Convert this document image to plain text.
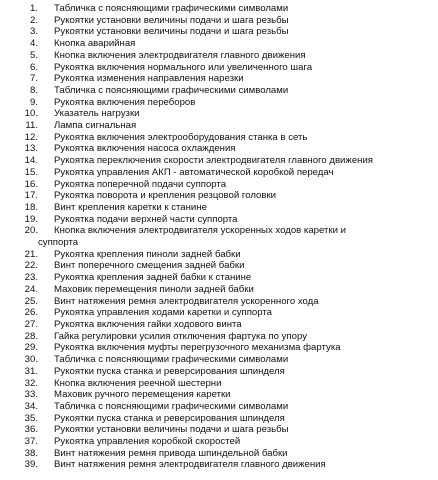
1.	Табличка с поясняющими графическими символами
2.	Рукоятки установки величины подачи и шага резьбы
3.	Рукоятки установки величины подачи и шага резьбы
4.	Кнопка аварийная
5.	Кнопка включения электродвигателя главного движения
6.	Рукоятка включения нормального или увеличенного шага
7.	Рукоятка изменения направления нарезки
8.	Табличка с поясняющими графическими символами
9.	Рукоятка включения переборов
10.	Указатель нагрузки
11.	Лампа сигнальная
12.	Рукоятка включения электрооборудования станка в сеть
13.	Рукоятка включения насоса охлаждения
14.	Рукоятка переключения скорости электродвигателя главного движения
15.	Рукоятка управления АКП - автоматической коробкой передач
16.	Рукоятка поперечной подачи суппорта
17.	Рукоятка поворота и крепления резцовой головки
18.	Винт крепления каретки к станине
19.	Рукоятка подачи верхней части суппорта
20.	Кнопка включения электродвигателя ускоренных ходов каретки и
суппорта
21.	Рукоятка крепления пиноли задней бабки
22.	Винт поперечного смещения задней бабки
23.	Рукоятка крепления задней бабки к станине
24.	Маховик перемещения пиноли задней бабки
25.	Винт натяжения ремня электродвигателя ускоренного хода
26.	Рукоятка управления ходами каретки и суппорта
27.	Рукоятка включения гайки ходового винта
28.	Гайка регулировки усилия отключения фартука по упору
29.	Рукоятка включения муфты перегрузочного механизма фартука
30.	Табличка с поясняющими графическими символами
31.	Рукоятки пуска станка и реверсирования шпинделя
32.	Кнопка включения реечной шестерни
33.	Маховик ручного перемещения каретки
34.	Табличка с поясняющими графическими символами
35.	Рукоятки пуска станка и реверсирования шпинделя
36.	Рукоятки установки величины подачи и шага резьбы
37.	Рукоятка управления коробкой скоростей
38.	Винт натяжения ремня привода шпиндельной бабки
39.	Винт натяжения ремня электродвигателя главного движения
